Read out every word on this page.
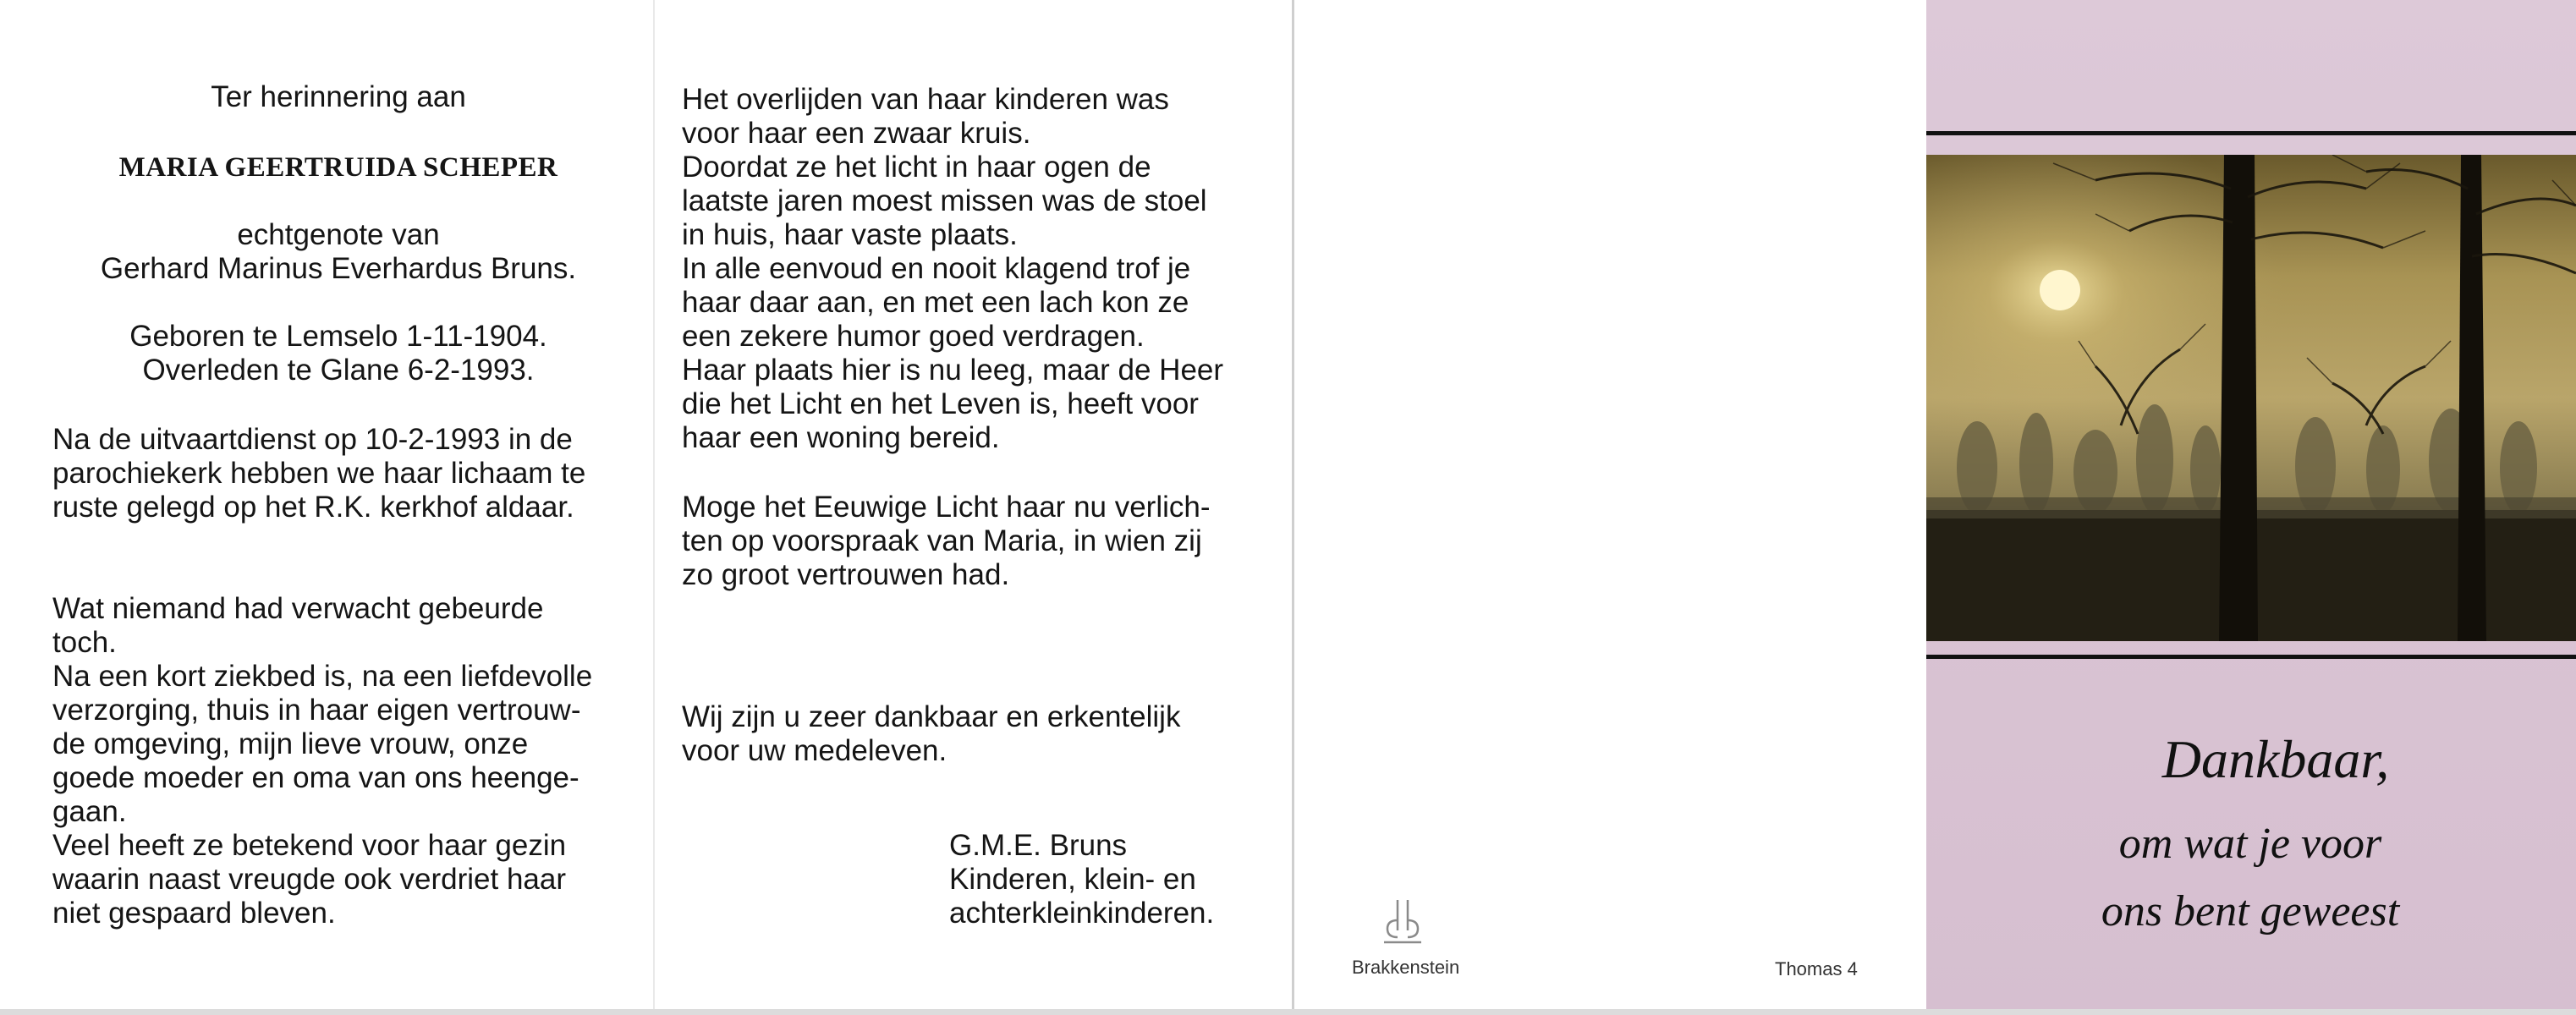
Ter herinnering aan
MARIA GEERTRUIDA SCHEPER
echtgenote van
Gerhard Marinus Everhardus Bruns.
Geboren te Lemselo 1-11-1904.
Overleden te Glane 6-2-1993.
Na de uitvaartdienst op 10-2-1993 in de
parochiekerk hebben we haar lichaam te
ruste gelegd op het R.K. kerkhof aldaar.
Wat niemand had verwacht gebeurde
toch.
Na een kort ziekbed is, na een liefdevolle
verzorging, thuis in haar eigen vertrouw-
de omgeving, mijn lieve vrouw, onze
goede moeder en oma van ons heenge-
gaan.
Veel heeft ze betekend voor haar gezin
waarin naast vreugde ook verdriet haar
niet gespaard bleven.
Het overlijden van haar kinderen was
voor haar een zwaar kruis.
Doordat ze het licht in haar ogen de
laatste jaren moest missen was de stoel
in huis, haar vaste plaats.
In alle eenvoud en nooit klagend trof je
haar daar aan, en met een lach kon ze
een zekere humor goed verdragen.
Haar plaats hier is nu leeg, maar de Heer
die het Licht en het Leven is, heeft voor
haar een woning bereid.
Moge het Eeuwige Licht haar nu verlich-
ten op voorspraak van Maria, in wien zij
zo groot vertrouwen had.
Wij zijn u zeer dankbaar en erkentelijk
voor uw medeleven.
G.M.E. Bruns
Kinderen, klein- en
achterkleinkinderen.
Brakkenstein	Thomas 4
Dankbaar,
om wat je voor
ons bent geweest
